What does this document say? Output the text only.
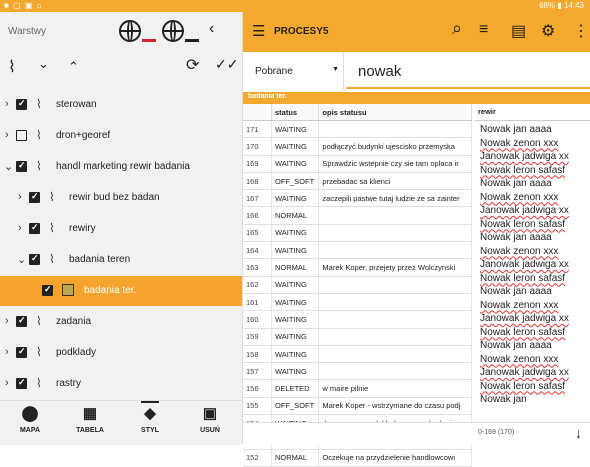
■ ▢ ▣ ⌂	68% ▮ 14:43
Warstwy	‹
⌇ ⌄ ⌃	⟳ ✓✓
› ✓ ⌇ sterowan
› ⌇ dron+georef
⌄ ✓ ⌇ handl marketing rewir badania
› ✓ ⌇ rewir bud bez badan
› ✓ ⌇ rewiry
⌄ ✓ ⌇ badania teren
✓
badania ter.
› ✓ ⌇ zadania
› ✓ ⌇ podklady
› ✓ ⌇ rastry
⬤
MAPA
▦
TABELA
◆
STYL
▣
USUŃ
☰ PROCESY5	⌕ ≡ ▤ ⚙ ⋮
Pobrane	▼
nowak
badania ter.
	status	opis statusu
171	WAITING	
170	WAITING	podłączyć budynki ujescisko przemyska
169	WAITING	Sprawdzic wstepnie czy sie tam oplaca ir
168	OFF_SOFT	przebadac sa klienci
167	WAITING	zaczepili pastwe tutaj ludzie ze sa zainter
166	NORMAL	
165	WAITING	
164	WAITING	
163	NORMAL	Marek Koper, przejety przez Wolczynski
162	WAITING	
161	WAITING	
160	WAITING	
159	WAITING	
158	WAITING	
157	WAITING	
156	DELETED	w maire pilnie
155	OFF_SOFT	Marek Koper - wstrzymane do czasu podj

152	NORMAL	Oczekuje na przydzielenie handlowcowi
rewir
Nowak jan aaaa
Nowak zenon xxx
Janowak jadwiga xx
Nowak leron safasf
Nowak jan aaaa
Nowak zenon xxx
Janowak jadwiga xx
Nowak leron safasf
Nowak jan aaaa
Nowak zenon xxx
Janowak jadwiga xx
Nowak leron safasf
Nowak jan aaaa
Nowak zenon xxx
Janowak jadwiga xx
Nowak leron safasf
Nowak jan aaaa
Nowak zenon xxx
Janowak jadwiga xx
Nowak leron safasf
Nowak jan
0-169 (170)	↓
